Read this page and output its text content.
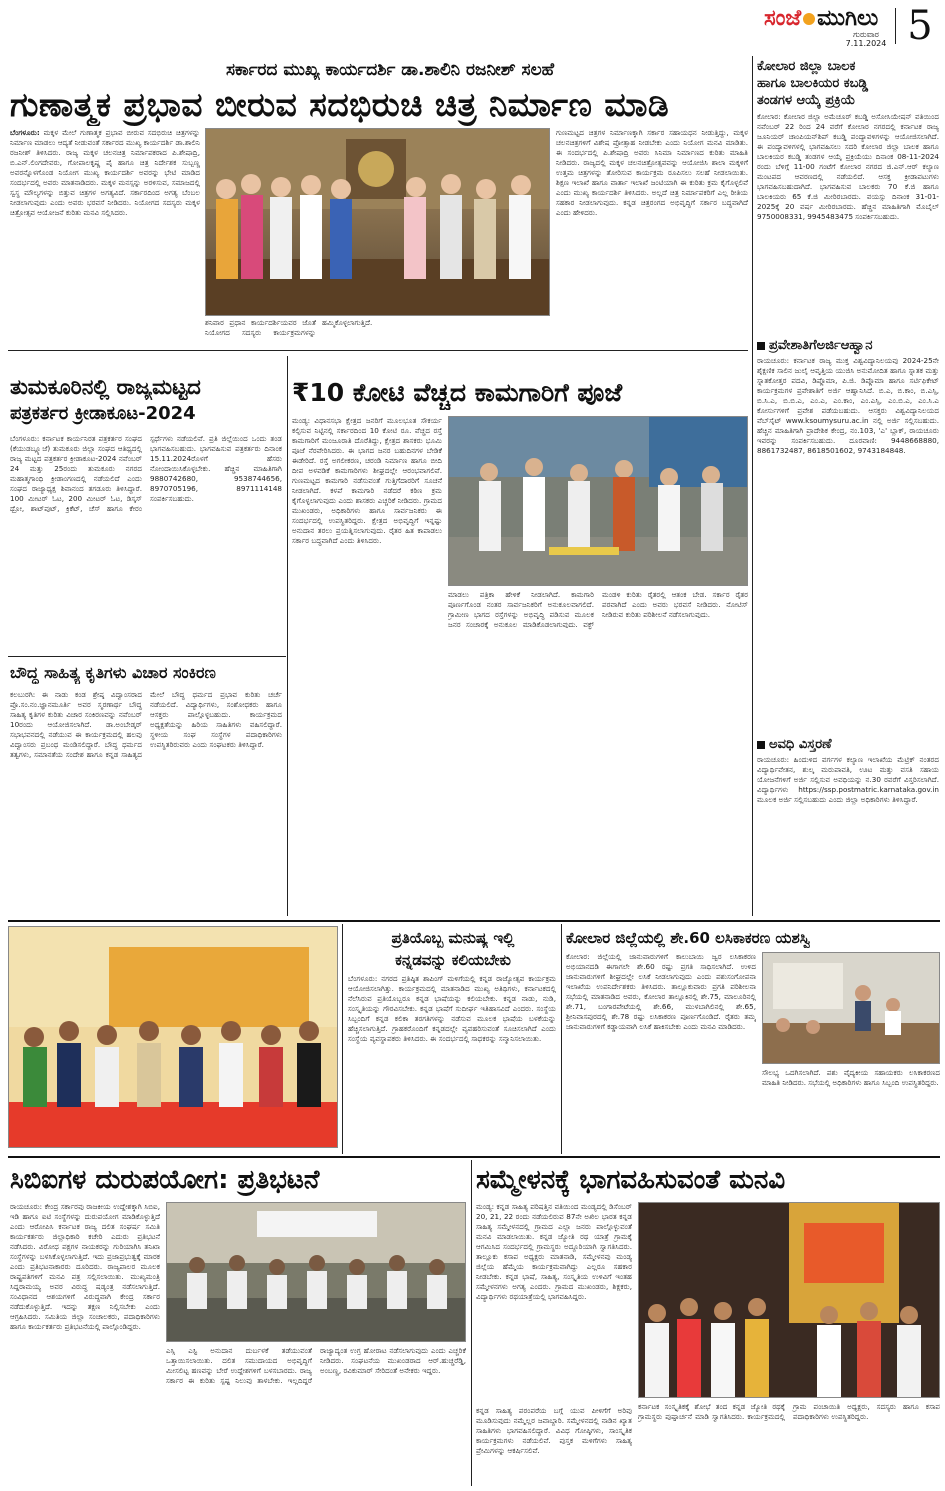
ಸಂಜೆ ಮುಗಿಲು
ಗುರುವಾರ
7.11.2024 5
ಸರ್ಕಾರದ ಮುಖ್ಯ ಕಾರ್ಯದರ್ಶಿ ಡಾ.ಶಾಲಿನಿ ರಜನೀಶ್ ಸಲಹೆ
ಗುಣಾತ್ಮಕ ಪ್ರಭಾವ ಬೀರುವ ಸದಭಿರುಚಿ ಚಿತ್ರ ನಿರ್ಮಾಣ ಮಾಡಿ
ಬೆಂಗಳೂರು: ಮಕ್ಕಳ ಮೇಲೆ ಗುಣಾತ್ಮಕ ಪ್ರಭಾವ ಬೀರುವ ಸದಭಿರುಚಿ ಚಿತ್ರಗಳನ್ನು ನಿರ್ಮಾಣ ಮಾಡಲು ಆದ್ಯತೆ ನೀಡುವಂತೆ ಸರ್ಕಾರದ ಮುಖ್ಯ ಕಾರ್ಯದರ್ಶಿ ಡಾ.ಶಾಲಿನಿ ರಜನೀಶ್ ತಿಳಿಸಿದರು. ರಾಜ್ಯ ಮಕ್ಕಳ ಚಲನಚಿತ್ರ ನಿರ್ಮಾಪಕರಾದ ಪಿ.ಶೇಷಾದ್ರಿ, ಬಿ.ಎನ್.ಲಿಂಗದೇವರು, ಗೋಪಾಲಕೃಷ್ಣ ಪೈ ಹಾಗೂ ಚಿತ್ರ ನಿರ್ದೇಶಕ ಸುಬ್ಬಣ್ಣ ಅವರನ್ನೊಳಗೊಂಡ ನಿಯೋಗ ಮುಖ್ಯ ಕಾರ್ಯದರ್ಶಿ ಅವರನ್ನು ಭೇಟಿ ಮಾಡಿದ ಸಂದರ್ಭದಲ್ಲಿ ಅವರು ಮಾತನಾಡಿದರು. ಮಕ್ಕಳ ಮನಸ್ಸನ್ನು ಅರಳಿಸುವ, ಸಮಾಜದಲ್ಲಿ ಸ್ವಸ್ಥ ಮೌಲ್ಯಗಳನ್ನು ಬಿತ್ತುವ ಚಿತ್ರಗಳ ಅಗತ್ಯವಿದೆ. ಸರ್ಕಾರದಿಂದ ಅಗತ್ಯ ಬೆಂಬಲ ನೀಡಲಾಗುವುದು ಎಂದು ಅವರು ಭರವಸೆ ನೀಡಿದರು. ನಿಯೋಗದ ಸದಸ್ಯರು ಮಕ್ಕಳ ಚಿತ್ರೋತ್ಸವ ಆಯೋಜನೆ ಕುರಿತು ಮನವಿ ಸಲ್ಲಿಸಿದರು.
ಶನಿವಾರ ಪ್ರಧಾನ ಕಾರ್ಯದರ್ಶಿಯವರ ಜೊತೆ ನಿಯೋಗದ ಸದಸ್ಯರು ಕಾರ್ಯಕ್ರಮಗಳನ್ನು ಹಮ್ಮಿಕೊಳ್ಳಲಾಗುತ್ತಿದೆ.
ಗುಣಮಟ್ಟದ ಚಿತ್ರಗಳ ನಿರ್ಮಾಣಕ್ಕಾಗಿ ಸರ್ಕಾರ ಸಹಾಯಧನ ನೀಡುತ್ತಿದ್ದು, ಮಕ್ಕಳ ಚಲನಚಿತ್ರಗಳಿಗೆ ವಿಶೇಷ ಪ್ರೋತ್ಸಾಹ ನೀಡಬೇಕು ಎಂದು ನಿಯೋಗ ಮನವಿ ಮಾಡಿತು. ಈ ಸಂದರ್ಭದಲ್ಲಿ ಪಿ.ಶೇಷಾದ್ರಿ ಅವರು ಸಿನಿಮಾ ನಿರ್ಮಾಣದ ಕುರಿತು ಮಾಹಿತಿ ನೀಡಿದರು. ರಾಜ್ಯದಲ್ಲಿ ಮಕ್ಕಳ ಚಲನಚಿತ್ರೋತ್ಸವವನ್ನು ಆಯೋಜಿಸಿ ಶಾಲಾ ಮಕ್ಕಳಿಗೆ ಉತ್ತಮ ಚಿತ್ರಗಳನ್ನು ತೋರಿಸುವ ಕಾರ್ಯಕ್ರಮ ರೂಪಿಸಲು ಸಲಹೆ ನೀಡಲಾಯಿತು. ಶಿಕ್ಷಣ ಇಲಾಖೆ ಹಾಗೂ ವಾರ್ತಾ ಇಲಾಖೆ ಜಂಟಿಯಾಗಿ ಈ ಕುರಿತು ಕ್ರಮ ಕೈಗೊಳ್ಳಲಿವೆ ಎಂದು ಮುಖ್ಯ ಕಾರ್ಯದರ್ಶಿ ತಿಳಿಸಿದರು. ಅಲ್ಲದೆ ಚಿತ್ರ ನಿರ್ಮಾಪಕರಿಗೆ ಎಲ್ಲ ರೀತಿಯ ಸಹಕಾರ ನೀಡಲಾಗುವುದು. ಕನ್ನಡ ಚಿತ್ರರಂಗದ ಅಭಿವೃದ್ಧಿಗೆ ಸರ್ಕಾರ ಬದ್ಧವಾಗಿದೆ ಎಂದು ಹೇಳಿದರು.
ಕೋಲಾರ ಜಿಲ್ಲಾ ಬಾಲಕ
ಹಾಗೂ ಬಾಲಕಿಯರ ಕಬಡ್ಡಿ
ತಂಡಗಳ ಆಯ್ಕೆ ಪ್ರಕ್ರಿಯೆ
ಕೋಲಾರ: ಕೋಲಾರ ಜಿಲ್ಲಾ ಅಮೆಚೂರ್ ಕಬಡ್ಡಿ ಅಸೋಸಿಯೇಷನ್ ವತಿಯಿಂದ ನವೆಂಬರ್ 22 ರಿಂದ 24 ವರೆಗೆ ಕೋಲಾರ ನಗರದಲ್ಲಿ ಕರ್ನಾಟಕ ರಾಜ್ಯ ಜೂನಿಯರ್ ಚಾಂಪಿಯನ್‌ಶಿಪ್ ಕಬಡ್ಡಿ ಪಂದ್ಯಾವಳಿಗಳನ್ನು ಆಯೋಜಿಸಲಾಗಿದೆ. ಈ ಪಂದ್ಯಾವಳಿಗಳಲ್ಲಿ ಭಾಗವಹಿಸಲು ಸದರಿ ಕೋಲಾರ ಜಿಲ್ಲಾ ಬಾಲಕ ಹಾಗೂ ಬಾಲಕಿಯರ ಕಬಡ್ಡಿ ತಂಡಗಳ ಆಯ್ಕೆ ಪ್ರಕ್ರಿಯೆಯು ದಿನಾಂಕ 08-11-2024 ರಂದು ಬೆಳಿಗ್ಗೆ 11-00 ಗಂಟೆಗೆ ಕೋಲಾರ ನಗರದ ಜಿ.ಎನ್.ಆರ್ ಕಲ್ಯಾಣ ಮಂಟಪದ ಆವರಣದಲ್ಲಿ ನಡೆಯಲಿದೆ. ಆಸಕ್ತ ಕ್ರೀಡಾಪಟುಗಳು ಭಾಗವಹಿಸಬಹುದಾಗಿದೆ. ಭಾಗವಹಿಸುವ ಬಾಲಕರು 70 ಕೆ.ಜಿ ಹಾಗೂ ಬಾಲಕಿಯರು 65 ಕೆ.ಜಿ ಮೀರಿರಬಾರದು. ವಯಸ್ಸು ದಿನಾಂಕ 31-01-2025ಕ್ಕೆ 20 ವರ್ಷ ಮೀರಿರಬಾರದು. ಹೆಚ್ಚಿನ ಮಾಹಿತಿಗಾಗಿ ಮೊಬೈಲ್ 9750008331, 9945483475 ಸಂಪರ್ಕಿಸಬಹುದು.
ಪ್ರವೇಶಾತಿಗೆಅರ್ಜಿಆಹ್ವಾನ
ರಾಯಚೂರು: ಕರ್ನಾಟಕ ರಾಜ್ಯ ಮುಕ್ತ ವಿಶ್ವವಿದ್ಯಾನಿಲಯವು 2024-25ನೇ ಶೈಕ್ಷಣಿಕ ಸಾಲಿನ ಜುಲೈ ಆವೃತ್ತಿಯ ಯುಜಿಸಿ ಅನುಮೋದಿತ ಹಾಗೂ ಸ್ನಾತಕ ಮತ್ತು ಸ್ನಾತಕೋತ್ತರ ಪದವಿ, ಡಿಪ್ಲೊಮಾ, ಪಿ.ಜಿ. ಡಿಪ್ಲೊಮಾ ಹಾಗೂ ಸರ್ಟಿಫಿಕೇಟ್ ಕಾರ್ಯಕ್ರಮಗಳ ಪ್ರವೇಶಾತಿಗೆ ಅರ್ಜಿ ಆಹ್ವಾನಿಸಿದೆ. ಬಿ.ಎ, ಬಿ.ಕಾಂ, ಬಿ.ಎಸ್ಸಿ, ಬಿ.ಸಿ.ಎ, ಬಿ.ಬಿ.ಎ, ಎಂ.ಎ, ಎಂ.ಕಾಂ, ಎಂ.ಎಸ್ಸಿ, ಎಂ.ಬಿ.ಎ, ಎಂ.ಸಿ.ಎ ಕೋರ್ಸುಗಳಿಗೆ ಪ್ರವೇಶ ಪಡೆಯಬಹುದು. ಆಸಕ್ತರು ವಿಶ್ವವಿದ್ಯಾನಿಲಯದ ವೆಬ್‌ಸೈಟ್ www.ksoumysuru.ac.in ನಲ್ಲಿ ಅರ್ಜಿ ಸಲ್ಲಿಸಬಹುದು. ಹೆಚ್ಚಿನ ಮಾಹಿತಿಗಾಗಿ ಪ್ರಾದೇಶಿಕ ಕೇಂದ್ರ, ನಂ.103, 'ಎ' ಬ್ಲಾಕ್, ರಾಯಚೂರು ಇವರನ್ನು ಸಂಪರ್ಕಿಸಬಹುದು. ದೂರವಾಣಿ: 9448668880, 8861732487, 8618501602, 9743184848.
ಅವಧಿ ವಿಸ್ತರಣೆ
ರಾಯಚೂರು: ಹಿಂದುಳಿದ ವರ್ಗಗಳ ಕಲ್ಯಾಣ ಇಲಾಖೆಯ ಮೆಟ್ರಿಕ್ ನಂತರದ ವಿದ್ಯಾರ್ಥಿವೇತನ, ಶುಲ್ಕ ಮರುಪಾವತಿ, ಊಟ ಮತ್ತು ವಸತಿ ಸಹಾಯ ಯೋಜನೆಗಳಿಗೆ ಅರ್ಜಿ ಸಲ್ಲಿಸುವ ಅವಧಿಯನ್ನು ನ.30 ರವರೆಗೆ ವಿಸ್ತರಿಸಲಾಗಿದೆ. ವಿದ್ಯಾರ್ಥಿಗಳು https://ssp.postmatric.karnataka.gov.in ಮೂಲಕ ಅರ್ಜಿ ಸಲ್ಲಿಸಬಹುದು ಎಂದು ಜಿಲ್ಲಾ ಅಧಿಕಾರಿಗಳು ತಿಳಿಸಿದ್ದಾರೆ.
ತುಮಕೂರಿನಲ್ಲಿ ರಾಜ್ಯಮಟ್ಟದ
ಪತ್ರಕರ್ತರ ಕ್ರೀಡಾಕೂಟ-2024
ಬೆಂಗಳೂರು: ಕರ್ನಾಟಕ ಕಾರ್ಯನಿರತ ಪತ್ರಕರ್ತರ ಸಂಘದ (ಕೆಯುಡಬ್ಲ್ಯೂಜೆ) ತುಮಕೂರು ಜಿಲ್ಲಾ ಸಂಘದ ಆತಿಥ್ಯದಲ್ಲಿ ರಾಜ್ಯ ಮಟ್ಟದ ಪತ್ರಕರ್ತರ ಕ್ರೀಡಾಕೂಟ-2024 ನವೆಂಬರ್ 24 ಮತ್ತು 25ರಂದು ತುಮಕೂರು ನಗರದ ಮಹಾತ್ಮಗಾಂಧಿ ಕ್ರೀಡಾಂಗಣದಲ್ಲಿ ನಡೆಯಲಿದೆ ಎಂದು ಸಂಘದ ರಾಜ್ಯಾಧ್ಯಕ್ಷ ಶಿವಾನಂದ ತಗಡೂರು ತಿಳಿಸಿದ್ದಾರೆ. 100 ಮೀಟರ್ ಓಟ, 200 ಮೀಟರ್ ಓಟ, ಡಿಸ್ಕಸ್ ಥ್ರೋ, ಶಾಟ್‌ಪುಟ್, ಕ್ರಿಕೆಟ್, ಚೆಸ್ ಹಾಗೂ ಕೇರಂ ಸ್ಪರ್ಧೆಗಳು ನಡೆಯಲಿವೆ. ಪ್ರತಿ ಜಿಲ್ಲೆಯಿಂದ ಒಂದು ತಂಡ ಭಾಗವಹಿಸಬಹುದು. ಭಾಗವಹಿಸುವ ಪತ್ರಕರ್ತರು ದಿನಾಂಕ 15.11.2024ರೊಳಗೆ ಹೆಸರು ನೋಂದಾಯಿಸಿಕೊಳ್ಳಬೇಕು. ಹೆಚ್ಚಿನ ಮಾಹಿತಿಗಾಗಿ 9880742680, 9538744656, 8970705196, 8971114148 ಸಂಪರ್ಕಿಸಬಹುದು.
₹10 ಕೋಟಿ ವೆಚ್ಚದ ಕಾಮಗಾರಿಗೆ ಪೂಜೆ
ಮಂಡ್ಯ: ವಿಧಾನಸಭಾ ಕ್ಷೇತ್ರದ ಜನರಿಗೆ ಮೂಲಭೂತ ಸೌಕರ್ಯ ಕಲ್ಪಿಸುವ ನಿಟ್ಟಿನಲ್ಲಿ ಸರ್ಕಾರದಿಂದ 10 ಕೋಟಿ ರೂ. ವೆಚ್ಚದ ರಸ್ತೆ ಕಾಮಗಾರಿಗೆ ಮಂಜೂರಾತಿ ದೊರೆತಿದ್ದು, ಕ್ಷೇತ್ರದ ಶಾಸಕರು ಭೂಮಿ ಪೂಜೆ ನೆರವೇರಿಸಿದರು. ಈ ಭಾಗದ ಜನರ ಬಹುದಿನಗಳ ಬೇಡಿಕೆ ಈಡೇರಿದೆ. ರಸ್ತೆ ಅಗಲೀಕರಣ, ಚರಂಡಿ ನಿರ್ಮಾಣ ಹಾಗೂ ಬೀದಿ ದೀಪ ಅಳವಡಿಕೆ ಕಾಮಗಾರಿಗಳು ಶೀಘ್ರದಲ್ಲೇ ಆರಂಭವಾಗಲಿವೆ. ಗುಣಮಟ್ಟದ ಕಾಮಗಾರಿ ನಡೆಸುವಂತೆ ಗುತ್ತಿಗೆದಾರರಿಗೆ ಸೂಚನೆ ನೀಡಲಾಗಿದೆ. ಕಳಪೆ ಕಾಮಗಾರಿ ನಡೆದರೆ ಕಠಿಣ ಕ್ರಮ ಕೈಗೊಳ್ಳಲಾಗುವುದು ಎಂದು ಶಾಸಕರು ಎಚ್ಚರಿಕೆ ನೀಡಿದರು. ಗ್ರಾಮದ ಮುಖಂಡರು, ಅಧಿಕಾರಿಗಳು ಹಾಗೂ ಸಾರ್ವಜನಿಕರು ಈ ಸಂದರ್ಭದಲ್ಲಿ ಉಪಸ್ಥಿತರಿದ್ದರು. ಕ್ಷೇತ್ರದ ಅಭಿವೃದ್ಧಿಗೆ ಇನ್ನಷ್ಟು ಅನುದಾನ ತರಲು ಪ್ರಯತ್ನಿಸಲಾಗುವುದು. ರೈತರ ಹಿತ ಕಾಪಾಡಲು ಸರ್ಕಾರ ಬದ್ಧವಾಗಿದೆ ಎಂದು ತಿಳಿಸಿದರು.
ಮಾಡಲು ಪತ್ರಿಕಾ ಹೇಳಿಕೆ ನೀಡಲಾಗಿದೆ. ಕಾಮಗಾರಿ ಪೂರ್ಣಗೊಂಡ ನಂತರ ಸಾರ್ವಜನಿಕರಿಗೆ ಅನುಕೂಲವಾಗಲಿದೆ. ಗ್ರಾಮೀಣ ಭಾಗದ ರಸ್ತೆಗಳನ್ನು ಅಭಿವೃದ್ಧಿ ಪಡಿಸುವ ಮೂಲಕ ಜನರ ಸಂಚಾರಕ್ಕೆ ಅನುಕೂಲ ಮಾಡಿಕೊಡಲಾಗುವುದು. ವಕ್ಫ್ ಮಂಡಳಿ ಕುರಿತು ರೈತರಲ್ಲಿ ಆತಂಕ ಬೇಡ. ಸರ್ಕಾರ ರೈತರ ಪರವಾಗಿದೆ ಎಂದು ಅವರು ಭರವಸೆ ನೀಡಿದರು. ನೋಟಿಸ್ ನೀಡಿರುವ ಕುರಿತು ಪರಿಶೀಲನೆ ನಡೆಸಲಾಗುವುದು.
ಬೌದ್ಧ ಸಾಹಿತ್ಯ ಕೃತಿಗಳು ವಿಚಾರ ಸಂಕಿರಣ
ಕಲಬುರಗಿ: ಈ ನಾಡು ಕಂಡ ಶ್ರೇಷ್ಠ ವಿದ್ವಾಂಸರಾದ ಪ್ರೊ.ಸಂ.ನಂ.ಜ್ಞಾನಮೂರ್ತಿ ಅವರ ಸ್ಮರಣಾರ್ಥ ಬೌದ್ಧ ಸಾಹಿತ್ಯ ಕೃತಿಗಳ ಕುರಿತು ವಿಚಾರ ಸಂಕಿರಣವನ್ನು ನವೆಂಬರ್ 10ರಂದು ಆಯೋಜಿಸಲಾಗಿದೆ. ಡಾ.ಅಂಬೇಡ್ಕರ್ ಸಭಾಭವನದಲ್ಲಿ ನಡೆಯುವ ಈ ಕಾರ್ಯಕ್ರಮದಲ್ಲಿ ಹಲವು ವಿದ್ವಾಂಸರು ಪ್ರಬಂಧ ಮಂಡಿಸಲಿದ್ದಾರೆ. ಬೌದ್ಧ ಧರ್ಮದ ತತ್ವಗಳು, ಸಮಾನತೆಯ ಸಂದೇಶ ಹಾಗೂ ಕನ್ನಡ ಸಾಹಿತ್ಯದ ಮೇಲೆ ಬೌದ್ಧ ಧರ್ಮದ ಪ್ರಭಾವ ಕುರಿತು ಚರ್ಚೆ ನಡೆಯಲಿದೆ. ವಿದ್ಯಾರ್ಥಿಗಳು, ಸಂಶೋಧಕರು ಹಾಗೂ ಆಸಕ್ತರು ಪಾಲ್ಗೊಳ್ಳಬಹುದು. ಕಾರ್ಯಕ್ರಮದ ಅಧ್ಯಕ್ಷತೆಯನ್ನು ಹಿರಿಯ ಸಾಹಿತಿಗಳು ವಹಿಸಲಿದ್ದಾರೆ. ಸ್ಥಳೀಯ ಸಂಘ ಸಂಸ್ಥೆಗಳ ಪದಾಧಿಕಾರಿಗಳು ಉಪಸ್ಥಿತರಿರುವರು ಎಂದು ಸಂಘಟಕರು ತಿಳಿಸಿದ್ದಾರೆ.
ಪ್ರತಿಯೊಬ್ಬ ಮನುಷ್ಯ ಇಲ್ಲಿ
ಕನ್ನಡವನ್ನು ಕಲಿಯಬೇಕು
ಬೆಂಗಳೂರು: ನಗರದ ಪ್ರತಿಷ್ಠಿತ ಶಾಪಿಂಗ್ ಮಳಿಗೆಯಲ್ಲಿ ಕನ್ನಡ ರಾಜ್ಯೋತ್ಸವ ಕಾರ್ಯಕ್ರಮ ಆಯೋಜಿಸಲಾಗಿತ್ತು. ಕಾರ್ಯಕ್ರಮದಲ್ಲಿ ಮಾತನಾಡಿದ ಮುಖ್ಯ ಅತಿಥಿಗಳು, ಕರ್ನಾಟಕದಲ್ಲಿ ನೆಲೆಸಿರುವ ಪ್ರತಿಯೊಬ್ಬರೂ ಕನ್ನಡ ಭಾಷೆಯನ್ನು ಕಲಿಯಬೇಕು. ಕನ್ನಡ ನಾಡು, ನುಡಿ, ಸಂಸ್ಕೃತಿಯನ್ನು ಗೌರವಿಸಬೇಕು. ಕನ್ನಡ ಭಾಷೆಗೆ ಸುದೀರ್ಘ ಇತಿಹಾಸವಿದೆ ಎಂದರು. ಸಂಸ್ಥೆಯ ಸಿಬ್ಬಂದಿಗೆ ಕನ್ನಡ ಕಲಿಕಾ ತರಗತಿಗಳನ್ನು ನಡೆಸುವ ಮೂಲಕ ಭಾಷೆಯ ಬಳಕೆಯನ್ನು ಹೆಚ್ಚಿಸಲಾಗುತ್ತಿದೆ. ಗ್ರಾಹಕರೊಂದಿಗೆ ಕನ್ನಡದಲ್ಲೇ ವ್ಯವಹರಿಸುವಂತೆ ಸೂಚಿಸಲಾಗಿದೆ ಎಂದು ಸಂಸ್ಥೆಯ ವ್ಯವಸ್ಥಾಪಕರು ತಿಳಿಸಿದರು. ಈ ಸಂದರ್ಭದಲ್ಲಿ ಸಾಧಕರನ್ನು ಸನ್ಮಾನಿಸಲಾಯಿತು.
ಕೋಲಾರ ಜಿಲ್ಲೆಯಲ್ಲಿ ಶೇ.60 ಲಸಿಕಾಕರಣ ಯಶಸ್ವಿ
ಕೋಲಾರ: ಜಿಲ್ಲೆಯಲ್ಲಿ ಜಾನುವಾರುಗಳಿಗೆ ಕಾಲುಬಾಯಿ ಜ್ವರ ಲಸಿಕಾಕರಣ ಅಭಿಯಾನದಡಿ ಈಗಾಗಲೇ ಶೇ.60 ರಷ್ಟು ಪ್ರಗತಿ ಸಾಧಿಸಲಾಗಿದೆ. ಉಳಿದ ಜಾನುವಾರುಗಳಿಗೆ ಶೀಘ್ರದಲ್ಲೇ ಲಸಿಕೆ ನೀಡಲಾಗುವುದು ಎಂದು ಪಶುಸಂಗೋಪನಾ ಇಲಾಖೆಯ ಉಪನಿರ್ದೇಶಕರು ತಿಳಿಸಿದರು. ತಾಲ್ಲೂಕುವಾರು ಪ್ರಗತಿ ಪರಿಶೀಲನಾ ಸಭೆಯಲ್ಲಿ ಮಾತನಾಡಿದ ಅವರು, ಕೋಲಾರ ತಾಲ್ಲೂಕಿನಲ್ಲಿ ಶೇ.75, ಮಾಲೂರಿನಲ್ಲಿ ಶೇ.71, ಬಂಗಾರಪೇಟೆಯಲ್ಲಿ ಶೇ.66, ಮುಳಬಾಗಿಲಿನಲ್ಲಿ ಶೇ.65, ಶ್ರೀನಿವಾಸಪುರದಲ್ಲಿ ಶೇ.78 ರಷ್ಟು ಲಸಿಕಾಕರಣ ಪೂರ್ಣಗೊಂಡಿದೆ. ರೈತರು ತಮ್ಮ ಜಾನುವಾರುಗಳಿಗೆ ಕಡ್ಡಾಯವಾಗಿ ಲಸಿಕೆ ಹಾಕಿಸಬೇಕು ಎಂದು ಮನವಿ ಮಾಡಿದರು.
ಸೌಲಭ್ಯ ಒದಗಿಸಲಾಗಿದೆ. ಪಶು ವೈದ್ಯಕೀಯ ಸಹಾಯಕರು ಲಸಿಕಾಕರಣದ ಮಾಹಿತಿ ನೀಡಿದರು. ಸಭೆಯಲ್ಲಿ ಅಧಿಕಾರಿಗಳು ಹಾಗೂ ಸಿಬ್ಬಂದಿ ಉಪಸ್ಥಿತರಿದ್ದರು.
ಸಿಬಿಐಗಳ ದುರುಪಯೋಗ: ಪ್ರತಿಭಟನೆ
ರಾಯಚೂರು: ಕೇಂದ್ರ ಸರ್ಕಾರವು ರಾಜಕೀಯ ಉದ್ದೇಶಕ್ಕಾಗಿ ಸಿಬಿಐ, ಇಡಿ ಹಾಗೂ ಐಟಿ ಸಂಸ್ಥೆಗಳನ್ನು ದುರುಪಯೋಗ ಮಾಡಿಕೊಳ್ಳುತ್ತಿದೆ ಎಂದು ಆರೋಪಿಸಿ ಕರ್ನಾಟಕ ರಾಜ್ಯ ದಲಿತ ಸಂಘರ್ಷ ಸಮಿತಿ ಕಾರ್ಯಕರ್ತರು ಜಿಲ್ಲಾಧಿಕಾರಿ ಕಚೇರಿ ಎದುರು ಪ್ರತಿಭಟನೆ ನಡೆಸಿದರು. ವಿರೋಧ ಪಕ್ಷಗಳ ನಾಯಕರನ್ನು ಗುರಿಯಾಗಿಸಿ ತನಿಖಾ ಸಂಸ್ಥೆಗಳನ್ನು ಬಳಸಿಕೊಳ್ಳಲಾಗುತ್ತಿದೆ. ಇದು ಪ್ರಜಾಪ್ರಭುತ್ವಕ್ಕೆ ಮಾರಕ ಎಂದು ಪ್ರತಿಭಟನಾಕಾರರು ದೂರಿದರು. ರಾಜ್ಯಪಾಲರ ಮೂಲಕ ರಾಷ್ಟ್ರಪತಿಗಳಿಗೆ ಮನವಿ ಪತ್ರ ಸಲ್ಲಿಸಲಾಯಿತು. ಮುಖ್ಯಮಂತ್ರಿ ಸಿದ್ದರಾಮಯ್ಯ ಅವರ ವಿರುದ್ಧ ಷಡ್ಯಂತ್ರ ನಡೆಸಲಾಗುತ್ತಿದೆ. ಸಂವಿಧಾನದ ಆಶಯಗಳಿಗೆ ವಿರುದ್ಧವಾಗಿ ಕೇಂದ್ರ ಸರ್ಕಾರ ನಡೆದುಕೊಳ್ಳುತ್ತಿದೆ. ಇದನ್ನು ತಕ್ಷಣ ನಿಲ್ಲಿಸಬೇಕು ಎಂದು ಆಗ್ರಹಿಸಿದರು. ಸಮಿತಿಯ ಜಿಲ್ಲಾ ಸಂಚಾಲಕರು, ಪದಾಧಿಕಾರಿಗಳು ಹಾಗೂ ಕಾರ್ಯಕರ್ತರು ಪ್ರತಿಭಟನೆಯಲ್ಲಿ ಪಾಲ್ಗೊಂಡಿದ್ದರು.
ಎಸ್ಸಿ ಎಸ್ಟಿ ಅನುದಾನ ದುರ್ಬಳಕೆ ತಡೆಯುವಂತೆ ಒತ್ತಾಯಿಸಲಾಯಿತು. ದಲಿತ ಸಮುದಾಯದ ಅಭಿವೃದ್ಧಿಗೆ ಮೀಸಲಿಟ್ಟ ಹಣವನ್ನು ಬೇರೆ ಉದ್ದೇಶಗಳಿಗೆ ಬಳಸಬಾರದು. ರಾಜ್ಯ ಸರ್ಕಾರ ಈ ಕುರಿತು ಸ್ಪಷ್ಟ ನಿಲುವು ತಾಳಬೇಕು. ಇಲ್ಲದಿದ್ದರೆ ರಾಜ್ಯಾದ್ಯಂತ ಉಗ್ರ ಹೋರಾಟ ನಡೆಸಲಾಗುವುದು ಎಂದು ಎಚ್ಚರಿಕೆ ನೀಡಿದರು. ಸಂಘಟನೆಯ ಮುಖಂಡರಾದ ಆರ್.ಹುಚ್ಚರೆಡ್ಡಿ, ಅಂಬಣ್ಣ, ರವಿಕುಮಾರ್ ಸೇರಿದಂತೆ ಅನೇಕರು ಇದ್ದರು.
ಸಮ್ಮೇಳನಕ್ಕೆ ಭಾಗವಹಿಸುವಂತೆ ಮನವಿ
ಮಂಡ್ಯ: ಕನ್ನಡ ಸಾಹಿತ್ಯ ಪರಿಷತ್ತಿನ ವತಿಯಿಂದ ಮಂಡ್ಯದಲ್ಲಿ ಡಿಸೆಂಬರ್ 20, 21, 22 ರಂದು ನಡೆಯಲಿರುವ 87ನೇ ಅಖಿಲ ಭಾರತ ಕನ್ನಡ ಸಾಹಿತ್ಯ ಸಮ್ಮೇಳನದಲ್ಲಿ ಗ್ರಾಮದ ಎಲ್ಲಾ ಜನರು ಪಾಲ್ಗೊಳ್ಳುವಂತೆ ಮನವಿ ಮಾಡಲಾಯಿತು. ಕನ್ನಡ ಜ್ಯೋತಿ ರಥ ಯಾತ್ರೆ ಗ್ರಾಮಕ್ಕೆ ಆಗಮಿಸಿದ ಸಂದರ್ಭದಲ್ಲಿ ಗ್ರಾಮಸ್ಥರು ಅದ್ದೂರಿಯಾಗಿ ಸ್ವಾಗತಿಸಿದರು. ತಾಲ್ಲೂಕು ಕಸಾಪ ಅಧ್ಯಕ್ಷರು ಮಾತನಾಡಿ, ಸಮ್ಮೇಳನವು ಮಂಡ್ಯ ಜಿಲ್ಲೆಯ ಹೆಮ್ಮೆಯ ಕಾರ್ಯಕ್ರಮವಾಗಿದ್ದು ಎಲ್ಲರೂ ಸಹಕಾರ ನೀಡಬೇಕು. ಕನ್ನಡ ಭಾಷೆ, ಸಾಹಿತ್ಯ, ಸಂಸ್ಕೃತಿಯ ಉಳಿವಿಗೆ ಇಂತಹ ಸಮ್ಮೇಳನಗಳು ಅಗತ್ಯ ಎಂದರು. ಗ್ರಾಮದ ಮುಖಂಡರು, ಶಿಕ್ಷಕರು, ವಿದ್ಯಾರ್ಥಿಗಳು ರಥಯಾತ್ರೆಯಲ್ಲಿ ಭಾಗವಹಿಸಿದ್ದರು.
ಕನ್ನಡ ಸಾಹಿತ್ಯ ಪರಂಪರೆಯ ಬಗ್ಗೆ ಯುವ ಪೀಳಿಗೆಗೆ ಅರಿವು ಮೂಡಿಸುವುದು ನಮ್ಮೆಲ್ಲರ ಜವಾಬ್ದಾರಿ. ಸಮ್ಮೇಳನದಲ್ಲಿ ನಾಡಿನ ಖ್ಯಾತ ಸಾಹಿತಿಗಳು ಭಾಗವಹಿಸಲಿದ್ದಾರೆ. ವಿವಿಧ ಗೋಷ್ಠಿಗಳು, ಸಾಂಸ್ಕೃತಿಕ ಕಾರ್ಯಕ್ರಮಗಳು ನಡೆಯಲಿವೆ. ಪುಸ್ತಕ ಮಳಿಗೆಗಳು ಸಾಹಿತ್ಯ ಪ್ರೇಮಿಗಳನ್ನು ಆಕರ್ಷಿಸಲಿವೆ.
ಕರ್ನಾಟಕ ಸಂಸ್ಕೃತಿಕಕ್ಕೆ ಶೋಭೆ ತಂದ ಕನ್ನಡ ಜ್ಯೋತಿ ರಥಕ್ಕೆ ಗ್ರಾಮಸ್ಥರು ಪುಷ್ಪಾರ್ಚನೆ ಮಾಡಿ ಸ್ವಾಗತಿಸಿದರು. ಕಾರ್ಯಕ್ರಮದಲ್ಲಿ ಗ್ರಾಮ ಪಂಚಾಯಿತಿ ಅಧ್ಯಕ್ಷರು, ಸದಸ್ಯರು ಹಾಗೂ ಕಸಾಪ ಪದಾಧಿಕಾರಿಗಳು ಉಪಸ್ಥಿತರಿದ್ದರು.
